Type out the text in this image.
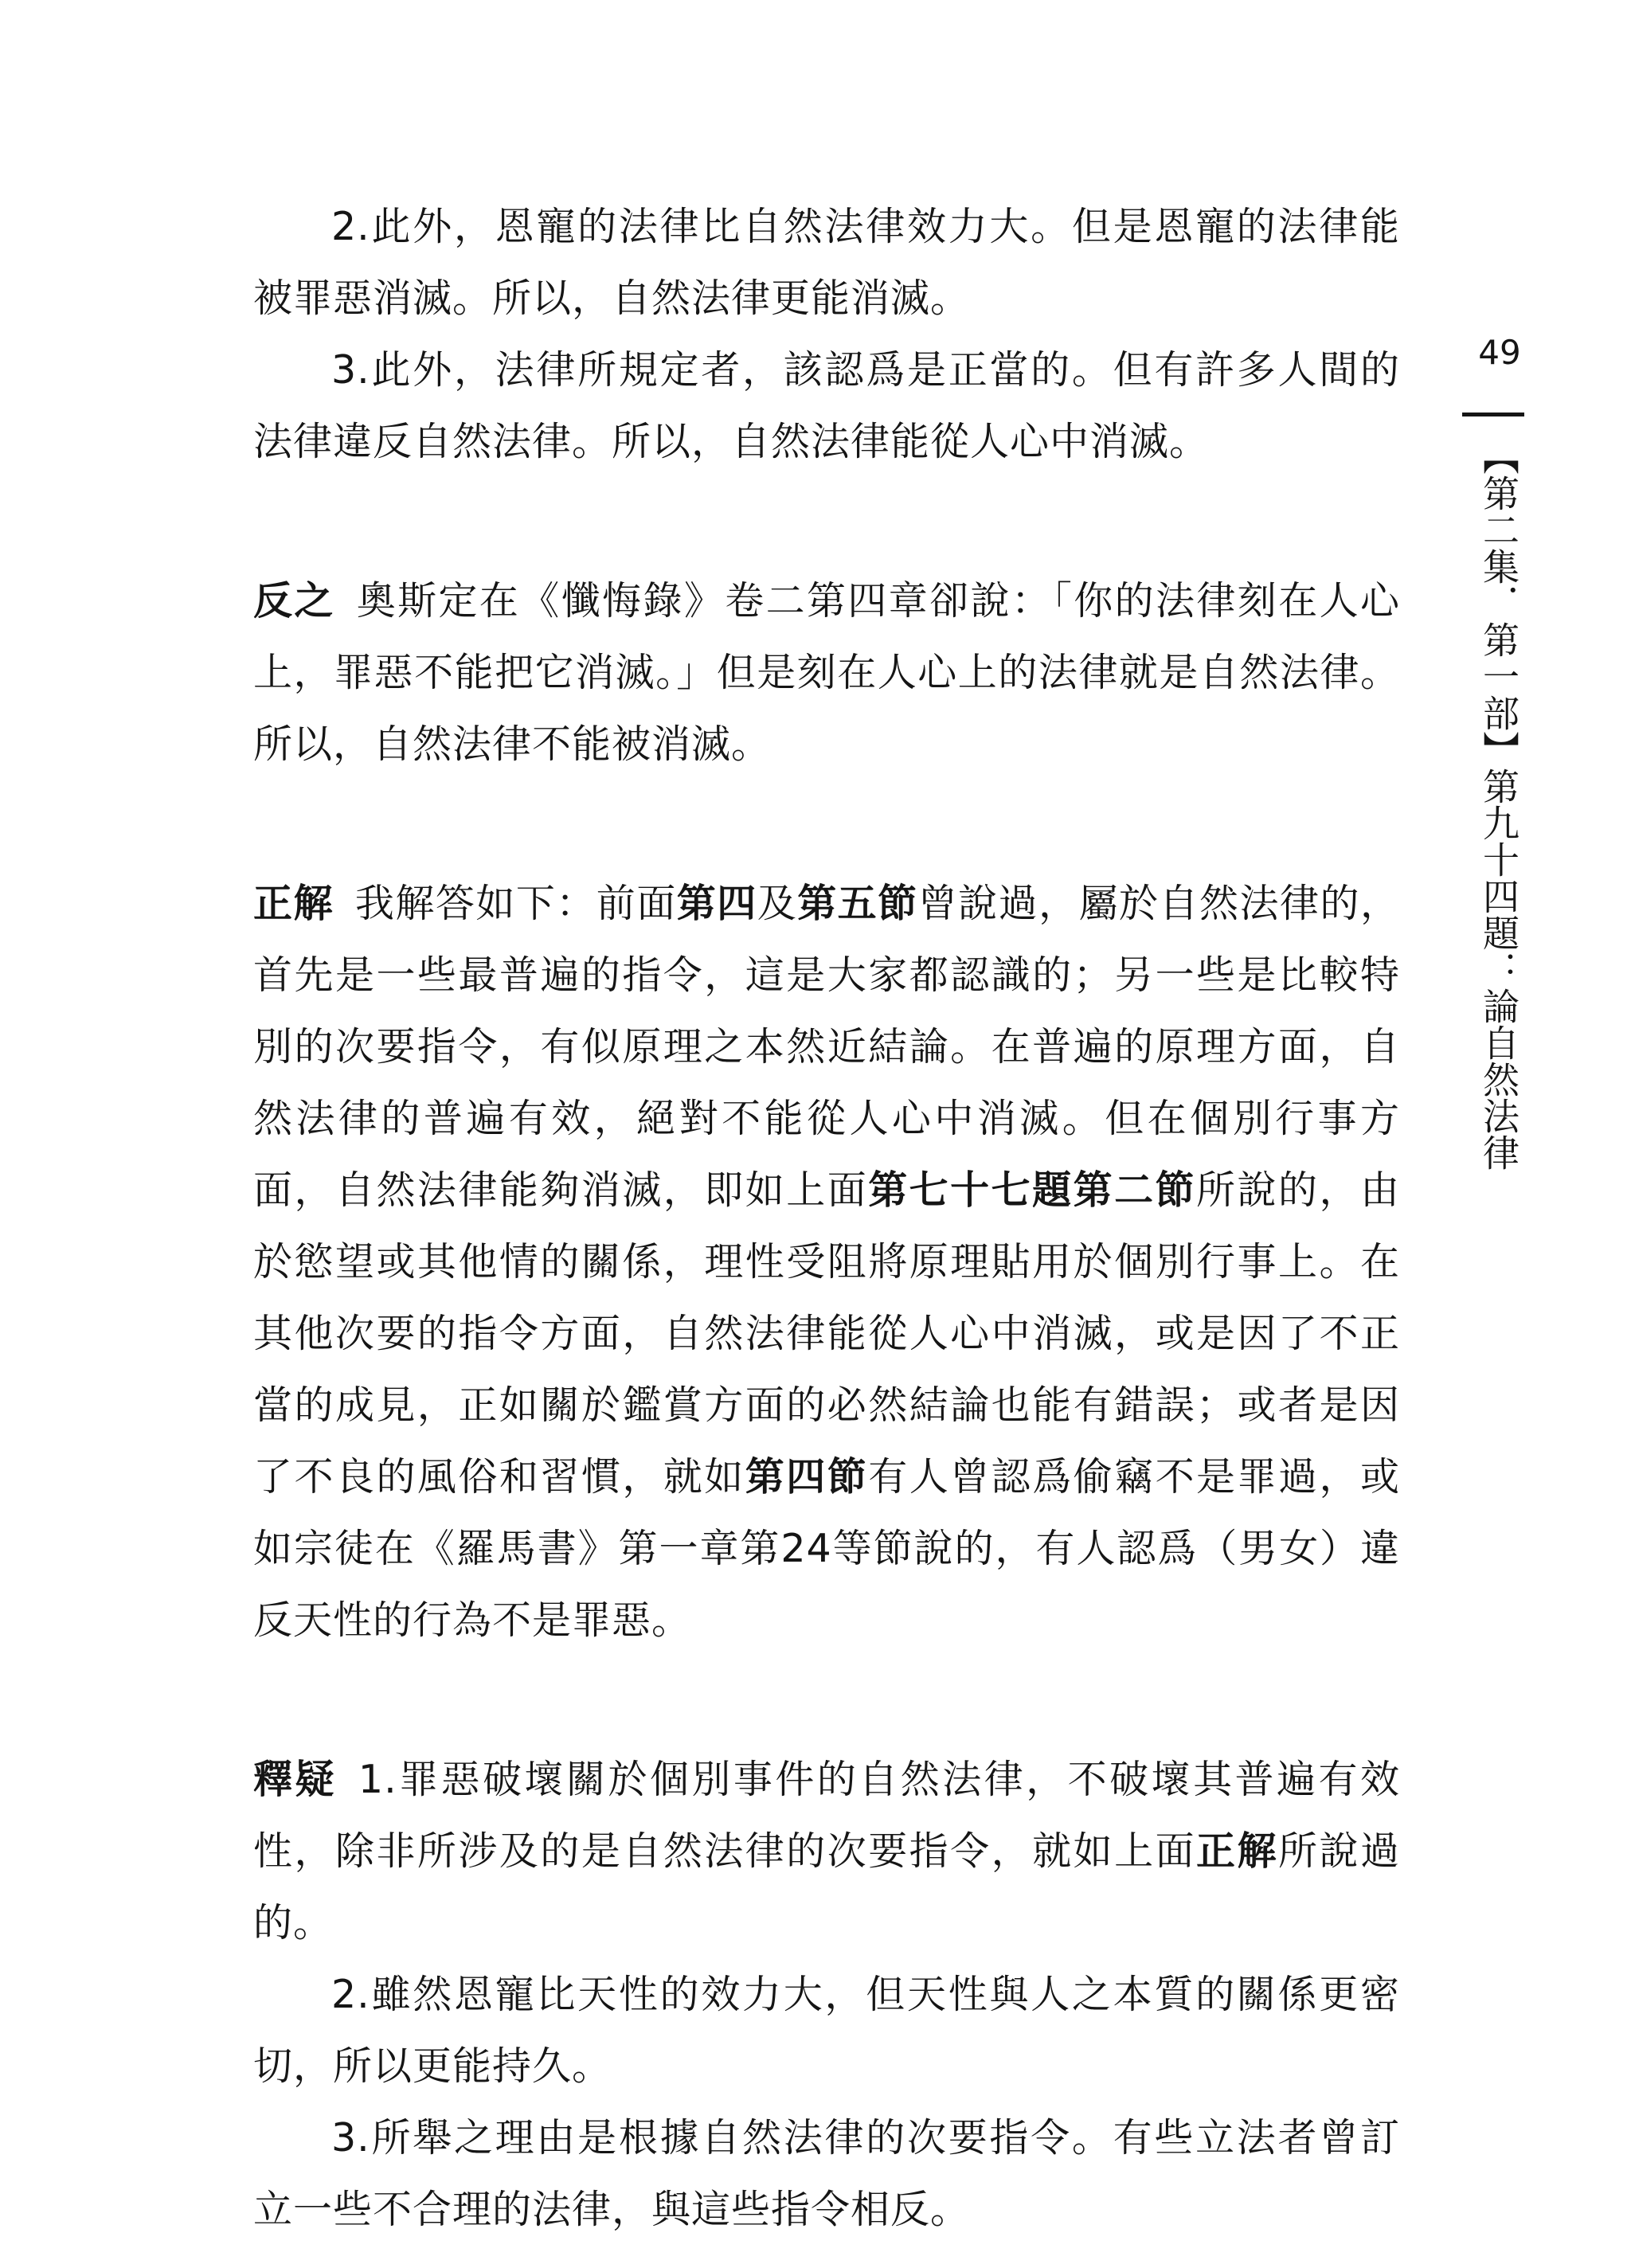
49
【第二集．第一部】第九十四題：論自然法律

2.此外，恩寵的法律比自然法律效力大。但是恩寵的法律能被罪惡消滅。所以，自然法律更能消滅。

3.此外，法律所規定者，該認爲是正當的。但有許多人間的法律違反自然法律。所以，自然法律能從人心中消滅。

反之 奧斯定在《懺悔錄》卷二第四章卻說：「你的法律刻在人心上，罪惡不能把它消滅。」但是刻在人心上的法律就是自然法律。所以，自然法律不能被消滅。

正解 我解答如下：前面第四及第五節曾說過，屬於自然法律的，首先是一些最普遍的指令，這是大家都認識的；另一些是比較特別的次要指令，有似原理之本然近結論。在普遍的原理方面，自然法律的普遍有效，絕對不能從人心中消滅。但在個別行事方面，自然法律能夠消滅，即如上面第七十七題第二節所說的，由於慾望或其他情的關係，理性受阻將原理貼用於個別行事上。在其他次要的指令方面，自然法律能從人心中消滅，或是因了不正當的成見，正如關於鑑賞方面的必然結論也能有錯誤；或者是因了不良的風俗和習慣，就如第四節有人曾認爲偷竊不是罪過，或如宗徒在《羅馬書》第一章第24等節說的，有人認爲（男女）違反天性的行為不是罪惡。

釋疑 1.罪惡破壞關於個別事件的自然法律，不破壞其普遍有效性，除非所涉及的是自然法律的次要指令，就如上面正解所說過的。

2.雖然恩寵比天性的效力大，但天性與人之本質的關係更密切，所以更能持久。

3.所舉之理由是根據自然法律的次要指令。有些立法者曾訂立一些不合理的法律，與這些指令相反。
